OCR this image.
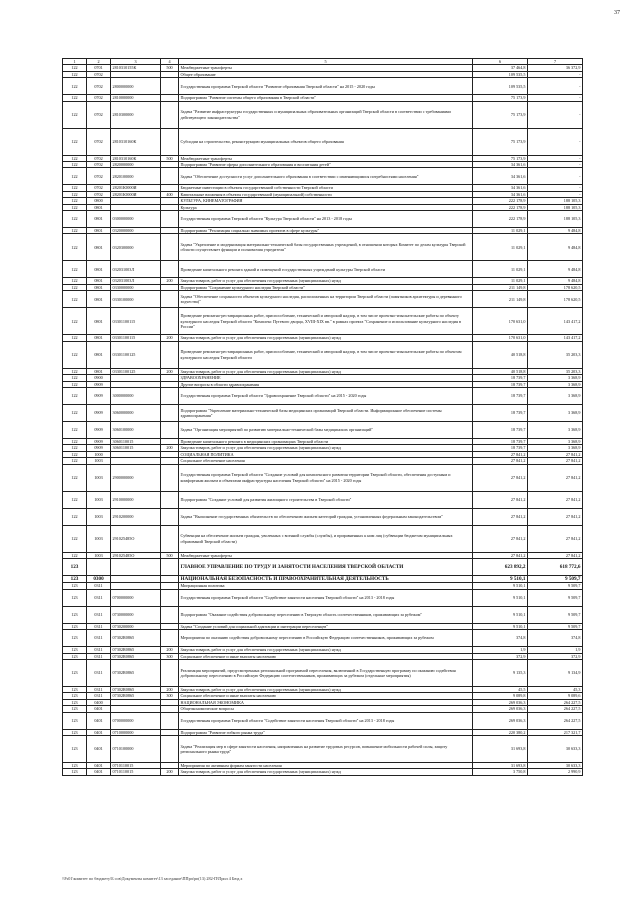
37
1	2	3	4	5	6	7
122	0701	2810310155К	500	Межбюджетные трансферты	37 464,8	36 372,9
122	0702			Общее образование	109 535,5	-
122	0702	2800000000		Государственная программа Тверской области "Развитие образования Тверской области" на 2015 - 2020 годы	109 535,5	-
122	0702	2810000000		Подпрограмма "Развитие системы общего образования в Тверской области"	75 173,9	-
122	0702	2810300000		Задача "Развитие инфраструктуры государственных и муниципальных образовательных организаций Тверской области в соответствии с требованиями действующего законодательства"	75 173,9	-
122	0702	2810310160К		Субсидии на строительство, реконструкцию муниципальных объектов общего образования	75 173,9	-
122	0702	2810310160К	500	Межбюджетные трансферты	75 173,9	-
122	0702	2820000000		Подпрограмма "Развитие сферы дополнительного образования и воспитания детей"	34 361,6	-
122	0702	2820100000		Задача "Обеспечение доступности услуг дополнительного образования в соответствии с изменяющимися потребностями населения"	34 361,6	-
122	0702	28201Ю000И		Бюджетные инвестиции в объекты государственной собственности Тверской области	34 361,6	-
122	0702	28201Ю000И	400	Капитальные вложения в объекты государственной (муниципальной) собственности	34 361,6	-
122	0800			КУЛЬТУРА, КИНЕМАТОГРАФИЯ	222 178,9	188 105,3
122	0801			Культура	222 178,9	188 105,3
122	0801	0300000000		Государственная программа Тверской области "Культура Тверской области" на 2013 - 2018 годы	222 178,9	188 105,3
122	0801	0320000000		Подпрограмма "Реализация социально значимых проектов в сфере культуры"	11 029,1	9 484,8
122	0801	0320300000		Задача "Укрепление и модернизация материально-технической базы государственных учреждений, в отношении которых Комитет по делам культуры Тверской области осуществляет функции и полномочия учредителя"	11 029,1	9 484,8
122	0801	032031003Л		Проведение капитального ремонта зданий и помещений государственных учреждений культуры Тверской области	11 029,1	9 484,8
122	0801	032031003Л	200	Закупка товаров, работ и услуг для обеспечения государственных (муниципальных) нужд	11 029,1	9 484,8
122	0801	0330000000		Подпрограмма "Сохранение культурного наследия Тверской области"	211 149,8	178 620,5
122	0801	0330100000		Задача "Обеспечение сохранности объектов культурного наследия, расположенных на территории Тверской области (памятников архитектуры и деревянного зодчества)"	211 149,8	178 620,5
122	0801	03301100115		Проведение ремонтно-реставрационных работ, приспособление, технический и авторский надзор, в том числе проектно-изыскательские работы по объекту культурного наследия Тверской области "Комплекс Путевого дворца, XVIII-XIX вв." в рамках проекта "Сохранение и использование культурного наследия в России"	170 631,0	143 417,2
122	0801	03301100115	200	Закупка товаров, работ и услуг для обеспечения государственных (муниципальных) нужд	170 631,0	143 417,2
122	0801	03301100125		Проведение ремонтно-реставрационных работ, приспособление, технический и авторский надзор, в том числе проектно-изыскательские работы по объектам культурного наследия Тверской области	40 518,8	35 203,3
122	0801	03301100125	200	Закупка товаров, работ и услуг для обеспечения государственных (муниципальных) нужд	40 518,8	35 203,3
122	0900			ЗДРАВООХРАНЕНИЕ	18 739,7	3 368,9
122	0909			Другие вопросы в области здравоохранения	18 739,7	3 368,9
122	0909	3000000000		Государственная программа Тверской области "Здравоохранение Тверской области" на 2015 - 2020 годы	18 739,7	3 368,9
122	0909	3060000000		Подпрограмма "Укрепление материально-технической базы медицинских организаций Тверской области. Информационное обеспечение системы здравоохранения"	18 739,7	3 368,9
122	0909	3060100000		Задача "Организация мероприятий по развитию материально-технической базы медицинских организаций"	18 739,7	3 368,9
122	0909	3060110015		Проведение капитального ремонта в медицинских организациях Тверской области	18 739,7	3 368,9
122	0909	3060110015	200	Закупка товаров, работ и услуг для обеспечения государственных (муниципальных) нужд	18 739,7	3 368,9
122	1000			СОЦИАЛЬНАЯ ПОЛИТИКА	27 841,2	27 841,2
122	1003			Социальное обеспечение населения	27 841,2	27 841,2
122	1003	2900000000		Государственная программа Тверской области "Создание условий для комплексного развития территории Тверской области, обеспечения доступным и комфортным жильем и объектами инфраструктуры населения Тверской области" на 2015 - 2020 годы	27 841,2	27 841,2
122	1003	2910000000		Подпрограмма "Создание условий для развития жилищного строительства в Тверской области"	27 841,2	27 841,2
122	1003	2910200000		Задача "Выполнение государственных обязательств по обеспечению жильем категорий граждан, установленных федеральным законодательством"	27 841,2	27 841,2
122	1003	291025485О		Субвенции на обеспечение жильем граждан, уволенных с военной службы (службы), и приравненных к ним лиц (субвенции бюджетам муниципальных образований Тверской области)	27 841,2	27 841,2
122	1003	291025485О	500	Межбюджетные трансферты	27 841,2	27 841,2
123				ГЛАВНОЕ УПРАВЛЕНИЕ ПО ТРУДУ И ЗАНЯТОСТИ НАСЕЛЕНИЯ ТВЕРСКОЙ ОБЛАСТИ	623 892,2	618 772,6
123	0300			НАЦИОНАЛЬНАЯ БЕЗОПАСНОСТЬ И ПРАВООХРАНИТЕЛЬНАЯ ДЕЯТЕЛЬНОСТЬ	9 510,1	9 509,7
123	0311			Миграционная политика	9 510,1	9 509,7
123	0311	0700000000		Государственная программа Тверской области "Содействие занятости населения Тверской области" на 2013 - 2018 годы	9 510,1	9 509,7
123	0311	0730000000		Подпрограмма "Оказание содействия добровольному переселению в Тверскую область соотечественников, проживающих за рубежом"	9 510,1	9 509,7
123	0311	0730200000		Задача "Создание условий для социальной адаптации и интеграции переселенцев"	9 510,1	9 509,7
123	0311	07302R0865		Мероприятия по оказанию содействия добровольному переселению в Российскую Федерацию соотечественников, проживающих за рубежом	374,8	374,8
123	0311	07302R0865	200	Закупка товаров, работ и услуг для обеспечения государственных (муниципальных) нужд	1,9	1,9
123	0311	07302R0865	300	Социальное обеспечение и иные выплаты населению	372,9	372,9
123	0311	07302R0865		Реализация мероприятий, предусмотренных региональной программой переселения, включенной в Государственную программу по оказанию содействия добровольному переселению в Российскую Федерацию соотечественников, проживающих за рубежом (отдельные мероприятия)	9 135,3	9 134,9
123	0311	07302R0865	200	Закупка товаров, работ и услуг для обеспечения государственных (муниципальных) нужд	45,5	45,3
123	0311	07302R0865	300	Социальное обеспечение и иные выплаты населению	9 089,8	9 089,6
123	0400			НАЦИОНАЛЬНАЯ ЭКОНОМИКА	269 036,3	264 227,5
123	0401			Общеэкономические вопросы	269 036,3	264 227,5
123	0401	0700000000		Государственная программа Тверской области "Содействие занятости населения Тверской области" на 2013 - 2018 годы	269 036,3	264 227,5
123	0401	0710000000		Подпрограмма "Развитие гибкого рынка труда"	220 380,2	217 321,7
123	0401	0710100000		Задача "Реализация мер в сфере занятости населения, направленных на развитие трудовых ресурсов, повышение мобильности рабочей силы, защиту регионального рынка труда"	31 693,8	30 633,3
123	0401	0710110015		Мероприятия по активным формам занятости населения	31 693,8	30 633,3
123	0401	0710110015	200	Закупка товаров, работ и услуг для обеспечения государственных (муниципальных) нужд	3 750,8	2 990,9
\\Fs01\комитет по бюджету\Б сов\Документы комитет\13 заседание\ППрп\рп(13) 282-П\Прил 4 Бюд.х
